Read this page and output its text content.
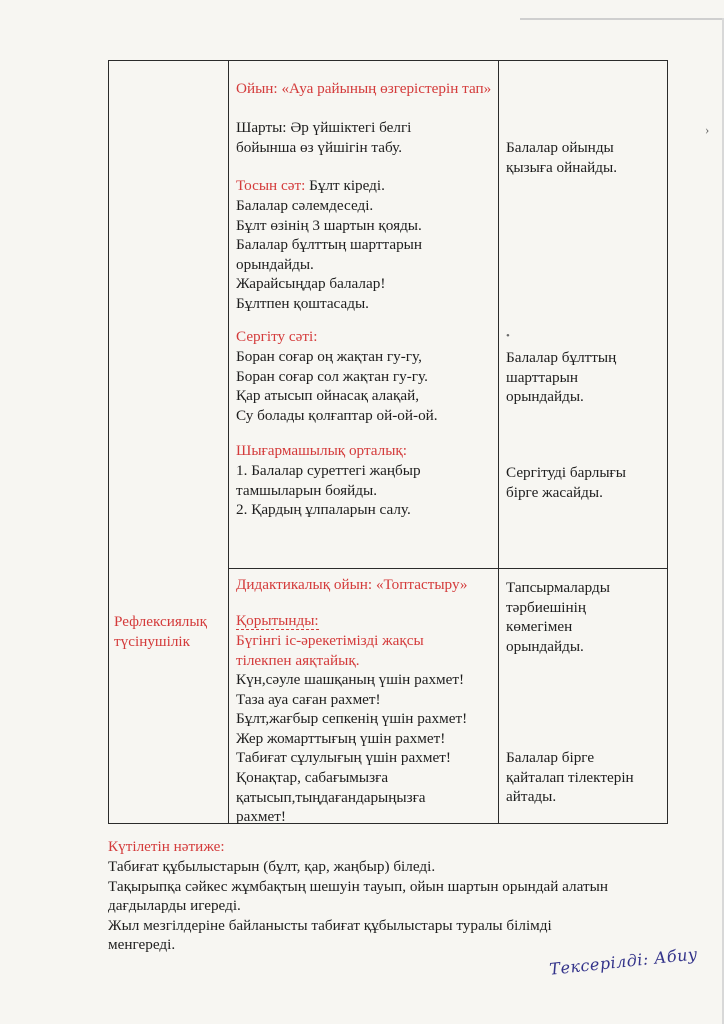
Ойын: «Ауа райының өзгерістерін тап»
Шарты: Әр үйшіктегі белгі
бойынша өз үйшігін табу.
Тосын сәт: Бұлт кіреді.
Балалар сәлемдеседі.
Бұлт өзінің 3 шартын қояды.
Балалар бұлттың шарттарын
орындайды.
Жарайсыңдар балалар!
Бұлтпен қоштасады.
Сергіту сәті:
Боран соғар оң жақтан гу-гу,
Боран соғар сол жақтан гу-гу.
Қар атысып ойнасақ алақай,
Су болады қолғаптар ой-ой-ой.
Шығармашылық орталық:
1. Балалар суреттегі жаңбыр
тамшыларын бояйды.
2. Қардың ұлпаларын салу.
Балалар ойынды
қызыға ойнайды.
Балалар бұлттың
шарттарын
орындайды.
Сергітуді барлығы
бірге жасайды.
Рефлексиялық
түсінушілік
Дидактикалық ойын: «Топтастыру»
Қорытынды:
Бүгінгі іс-әрекетімізді жақсы
тілекпен аяқтайық.
Күн,сәуле шашқаның үшін рахмет!
Таза ауа саған рахмет!
Бұлт,жағбыр сепкенің үшін рахмет!
Жер жомарттығың үшін рахмет!
Табиғат сұлулығың үшін рахмет!
Қонақтар, сабағымызға
қатысып,тыңдағандарыңызға
рахмет!
Тапсырмаларды
тәрбиешінің
көмегімен
орындайды.
Балалар бірге
қайталап тілектерін
айтады.
Күтілетін нәтиже:
Табиғат құбылыстарын (бұлт, қар, жаңбыр) біледі.
Тақырыпқа сәйкес жұмбақтың шешуін тауып, ойын шартын орындай алатын
дағдыларды игереді.
Жыл мезгілдеріне байланысты табиғат құбылыстары туралы білімді
менгереді.	Тексерілді: Абиу
•
›
